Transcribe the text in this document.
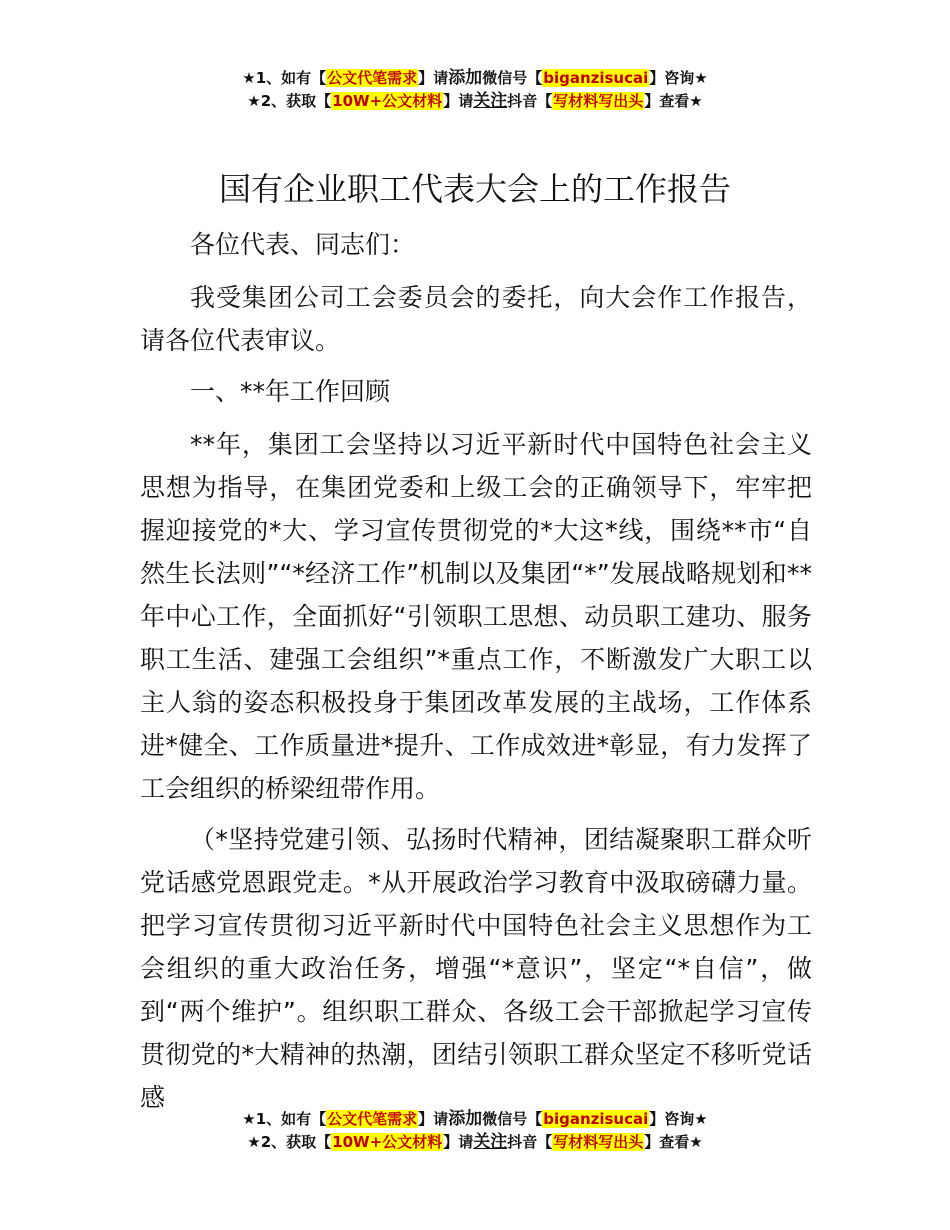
★1、如有【公文代笔需求】请添加微信号【biganzisucai】咨询★
★2、获取【10W+公文材料】请关注抖音【写材料写出头】查看★
国有企业职工代表大会上的工作报告

各位代表、同志们：

我受集团公司工会委员会的委托，向大会作工作报告，请各位代表审议。

一、**年工作回顾

**年，集团工会坚持以习近平新时代中国特色社会主义思想为指导，在集团党委和上级工会的正确领导下，牢牢把握迎接党的*大、学习宣传贯彻党的*大这*线，围绕**市“自然生长法则”“*经济工作”机制以及集团“*”发展战略规划和**年中心工作，全面抓好“引领职工思想、动员职工建功、服务职工生活、建强工会组织”*重点工作，不断激发广大职工以主人翁的姿态积极投身于集团改革发展的主战场，工作体系进*健全、工作质量进*提升、工作成效进*彰显，有力发挥了工会组织的桥梁纽带作用。

（*坚持党建引领、弘扬时代精神，团结凝聚职工群众听党话感党恩跟党走。*从开展政治学习教育中汲取磅礴力量。把学习宣传贯彻习近平新时代中国特色社会主义思想作为工会组织的重大政治任务，增强“*意识”，坚定“*自信”，做到“两个维护”。组织职工群众、各级工会干部掀起学习宣传贯彻党的*大精神的热潮，团结引领职工群众坚定不移听党话感

★1、如有【公文代笔需求】请添加微信号【biganzisucai】咨询★
★2、获取【10W+公文材料】请关注抖音【写材料写出头】查看★
